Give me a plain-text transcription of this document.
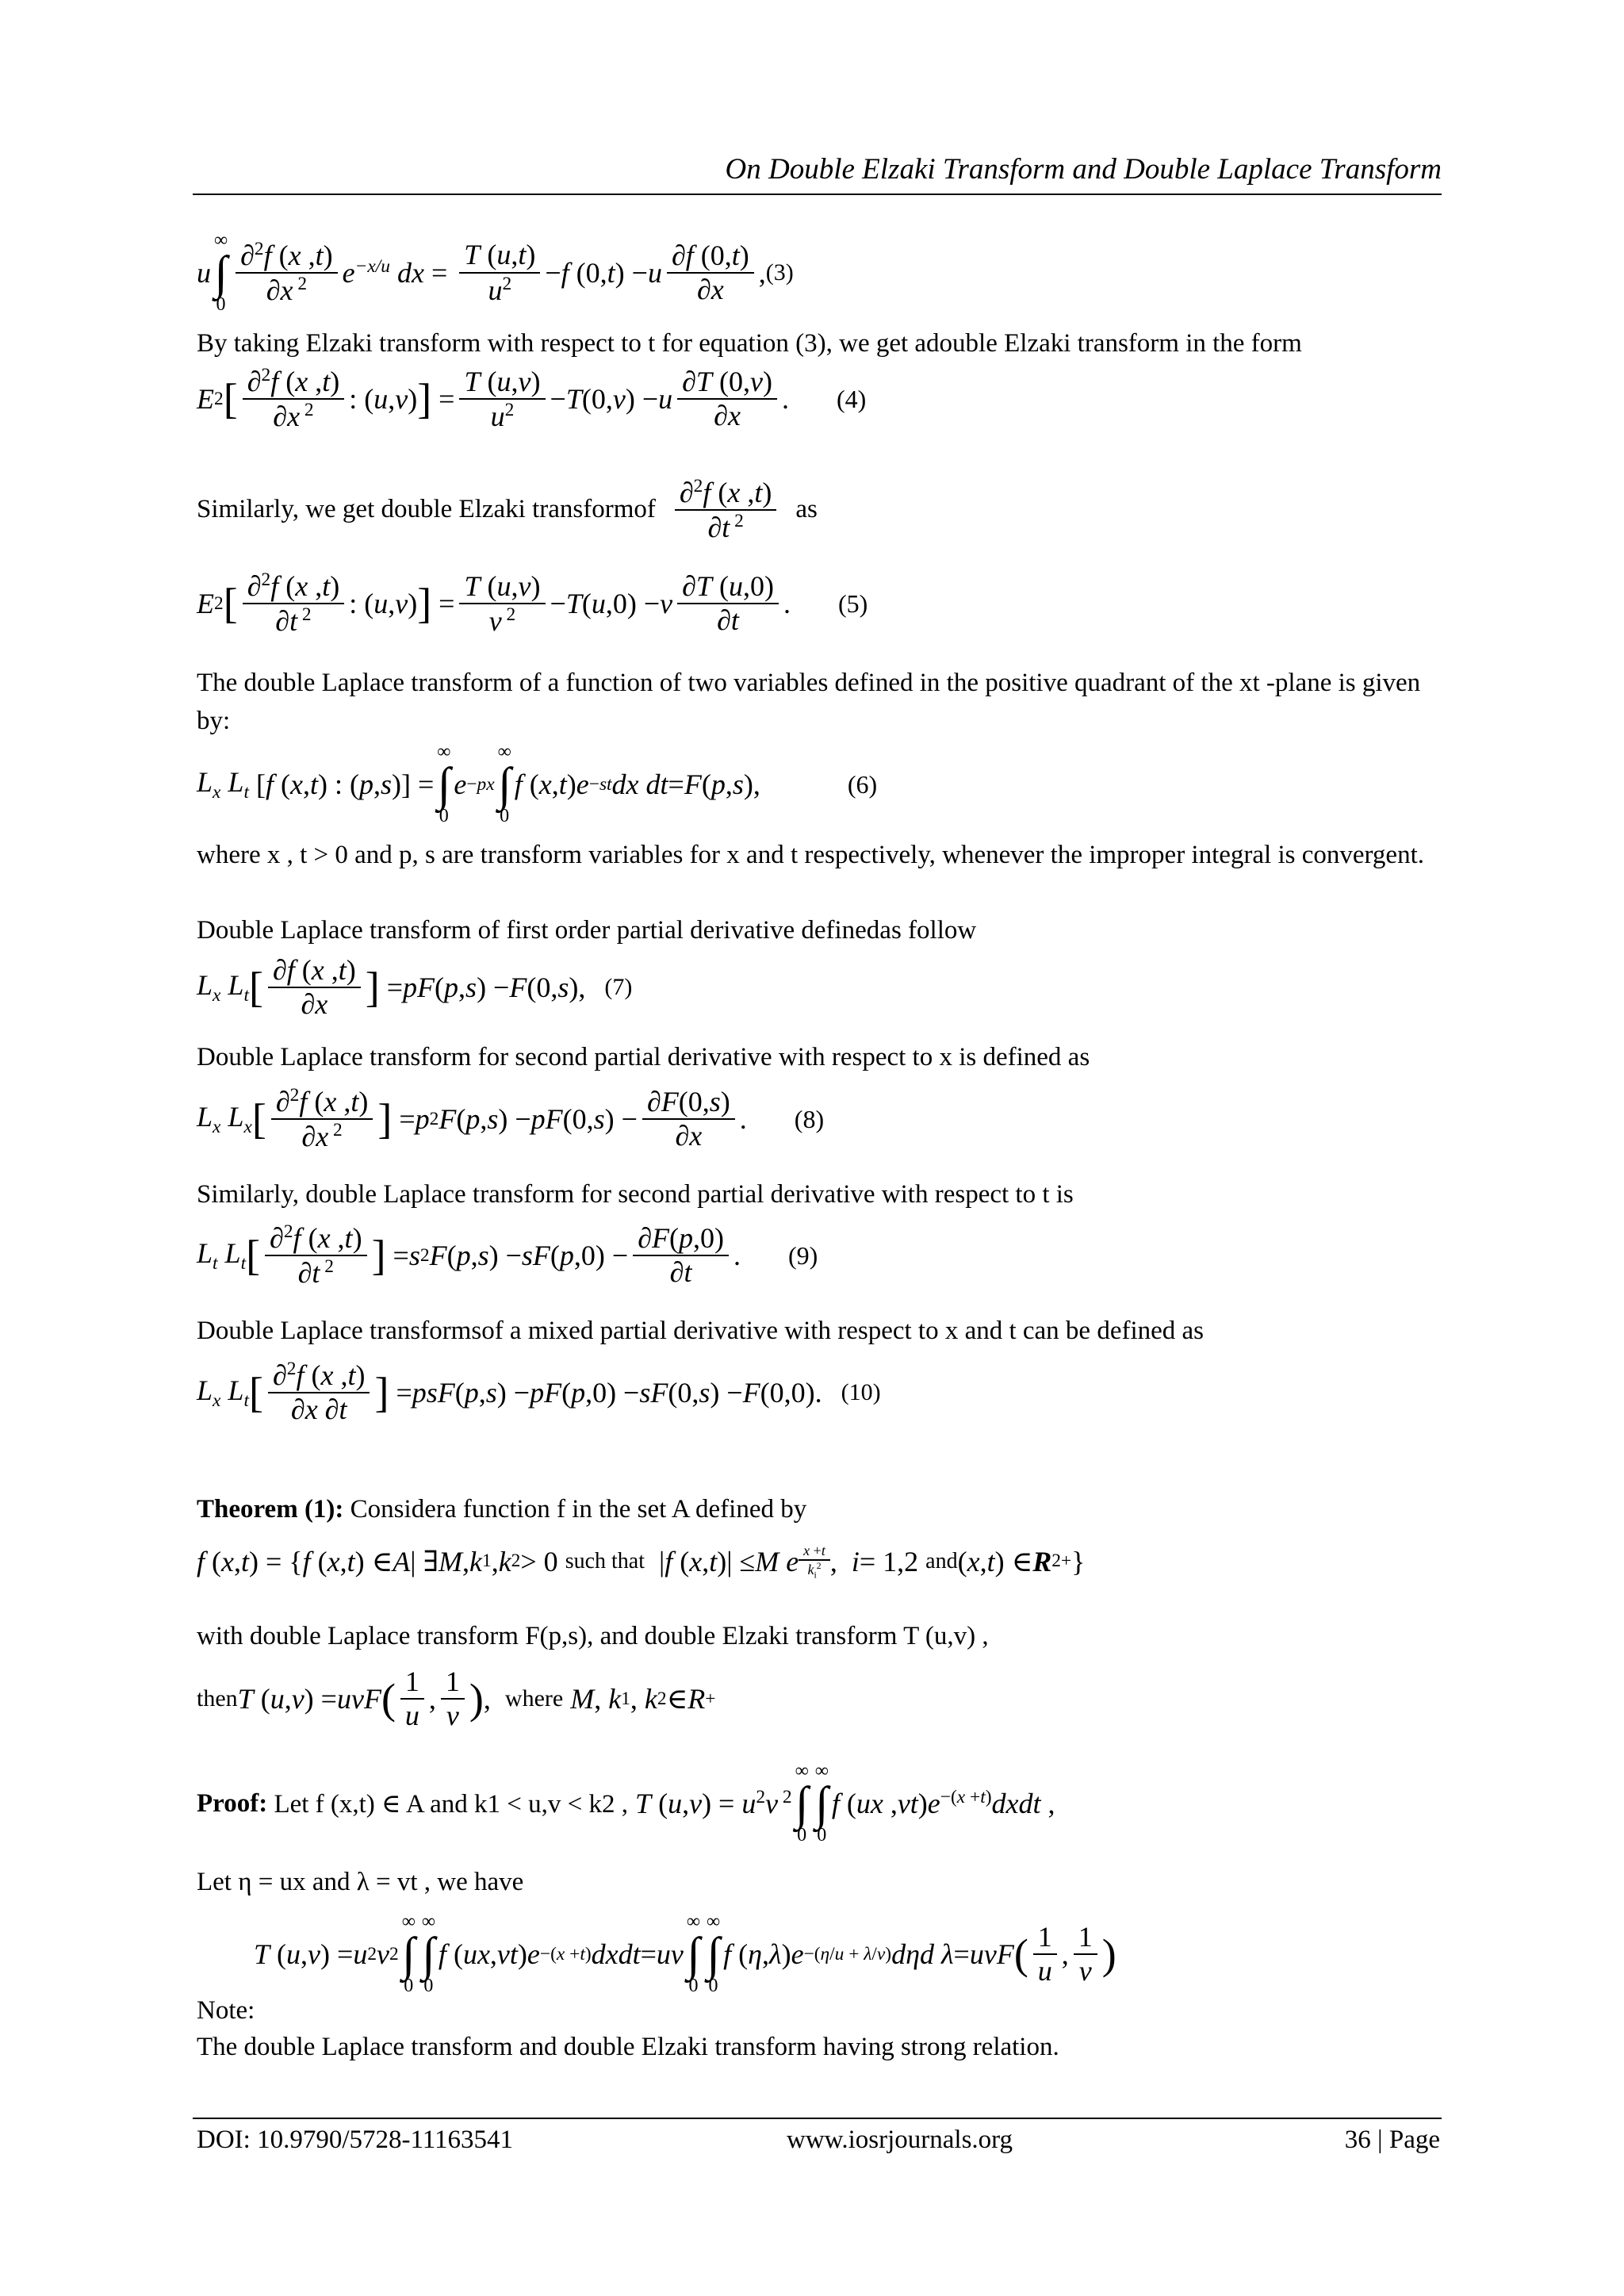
On Double Elzaki Transform and Double Laplace Transform
u
∞
∫
0
∂$^2$f (x ,t)
∂x $^2$ $e^{-x/u}$ dx =
T (u,t)
$u^2 - f$ (0, t ) − u
∂f (0,t)
∂x
, (3)

By taking Elzaki transform with respect to t for equation (3), we get adouble Elzaki transform in the form

E 2 [ ∂$^2$f (x ,t)
∂x $^2$ : ( u , v ) ] =
T (u,v)
$u^2 - T$ (0, v ) − u
∂T (0,v)
∂x
. (4)
Similarly, we get double Elzaki transformof
∂$^2$f (x ,t)
∂t $^2$ as
E 2 [ ∂$^2$f (x ,t)
∂t $^2$ : ( u , v ) ] =
T (u,v)
v $^2$ − T ( u ,0) − v
∂T (u,0)
∂t
. (5)

The double Laplace transform of a function of two variables defined in the positive quadrant of the xt -plane is given by:

$L_x$ $L_t$ [ f ( x , t ) : ( p , s )] =
∞
∫
0
e −px
∞
∫
0
f ( x , t ) e −st dx
dt = F ( p , s ),	(6)

where x , t > 0 and p, s are transform variables for x and t respectively, whenever the improper integral is convergent.

Double Laplace transform of first order partial derivative definedas follow

$L_x$ $L_t$ [ ∂f (x ,t)
∂x ] = pF ( p , s ) − F (0, s ), (7)

Double Laplace transform for second partial derivative with respect to x is defined as

$L_x$ $L_x$ [ ∂$^2$f (x ,t)
∂x $^2$ ] = p 2 F ( p , s ) − pF (0, s ) −
∂F(0,s)
∂x
. (8)

Similarly, double Laplace transform for second partial derivative with respect to t is

$L_t$ $L_t$ [ ∂$^2$f (x ,t)
∂t $^2$ ] = s 2 F ( p , s ) − sF ( p ,0) −
∂F(p,0)
∂t
. (9)

Double Laplace transformsof a mixed partial derivative with respect to x and t can be defined as

$L_x$ $L_t$ [ ∂$^2$f (x ,t)
∂x ∂t ] = psF ( p , s ) − pF ( p ,0) − sF (0, s ) − F (0,0). (10)
Theorem (1): Considera function f in the set A defined by
f ( x , t ) = { f ( x , t ) ∈ A | ∃ M , k 1 , k 2 > 0 such that | f ( x , t )| ≤ M
e $\frac{x +t}{k_i^2}$ , i = 1,2 and ( x , t ) ∈ R 2 + }

with double Laplace transform F(p,s), and double Elzaki transform T (u,v) ,

then T ( u , v ) = uvF ( 1
u
,
1
v ) , where
M , k 1 , k 2 ∈ R +
Proof:
Let f (x,t) ∈ A and k1 < u,v < k2 , T $(u,v) = u^2v$ $^2$
∞
∫
0
∞
∫
0
f (ux $,vt)e^{-(x +t)}dxdt$ ,

Let η = ux and λ = vt , we have

T ( u , v ) = u 2 v 2
∞
∫
0
∞
∫
0
f ( ux , vt ) e −(x +t) dxdt = uv
∞
∫
0
∞
∫
0
f ( η , λ ) e −(η/u + λ/v) dη d λ = uvF ( 1
u
,
1
v )

Note:

The double Laplace transform and double Elzaki transform having strong relation.

DOI: 10.9790/5728-11163541	www.iosrjournals.org	36 | Page
